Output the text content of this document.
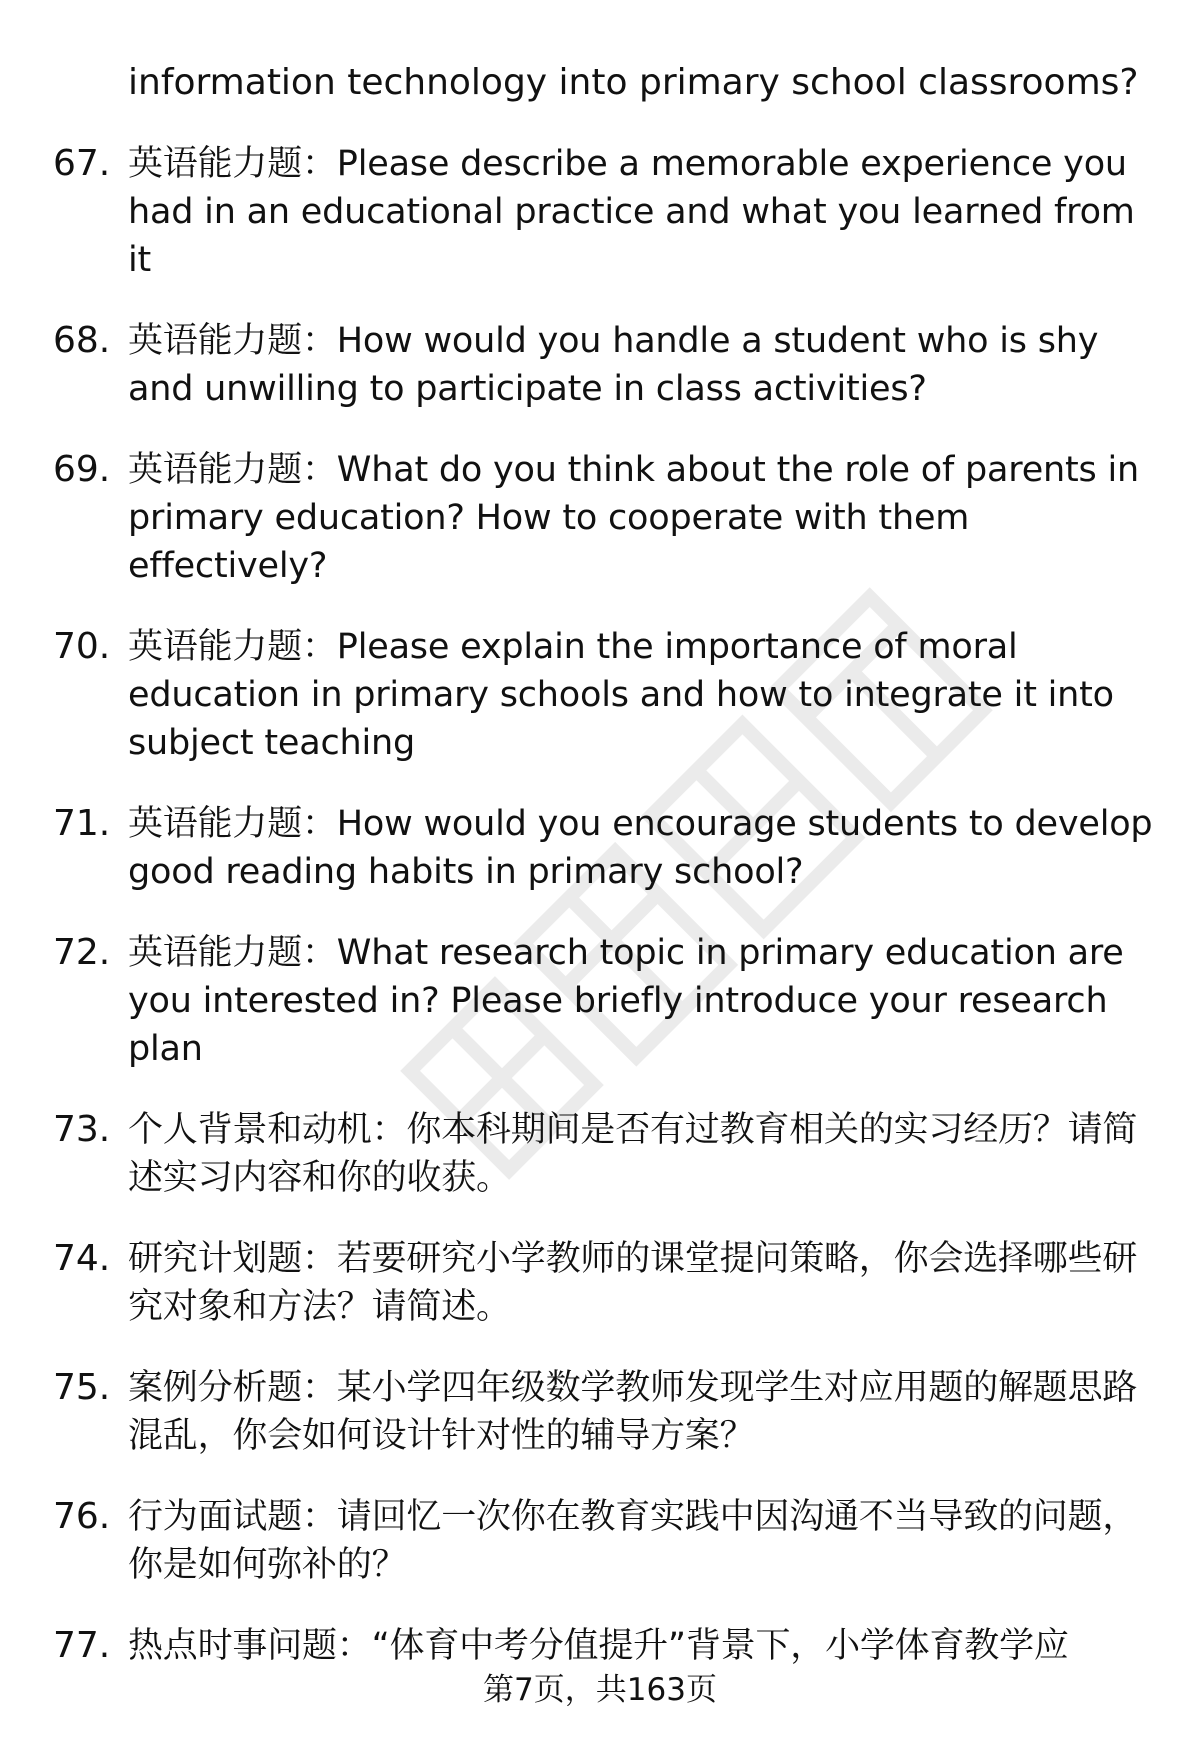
information technology into primary school classrooms?
67. 英语能力题：Please describe a memorable experience you had in an educational practice and what you learned from it
68. 英语能力题：How would you handle a student who is shy and unwilling to participate in class activities?
69. 英语能力题：What do you think about the role of parents in primary education? How to cooperate with them effectively?
70. 英语能力题：Please explain the importance of moral education in primary schools and how to integrate it into subject teaching
71. 英语能力题：How would you encourage students to develop good reading habits in primary school?
72. 英语能力题：What research topic in primary education are you interested in? Please briefly introduce your research plan
73. 个人背景和动机：你本科期间是否有过教育相关的实习经历？请简述实习内容和你的收获。
74. 研究计划题：若要研究小学教师的课堂提问策略，你会选择哪些研究对象和方法？请简述。
75. 案例分析题：某小学四年级数学教师发现学生对应用题的解题思路混乱，你会如何设计针对性的辅导方案？
76. 行为面试题：请回忆一次你在教育实践中因沟通不当导致的问题，你是如何弥补的？
77. 热点时事问题：“体育中考分值提升”背景下，小学体育教学应
第7页，共163页
